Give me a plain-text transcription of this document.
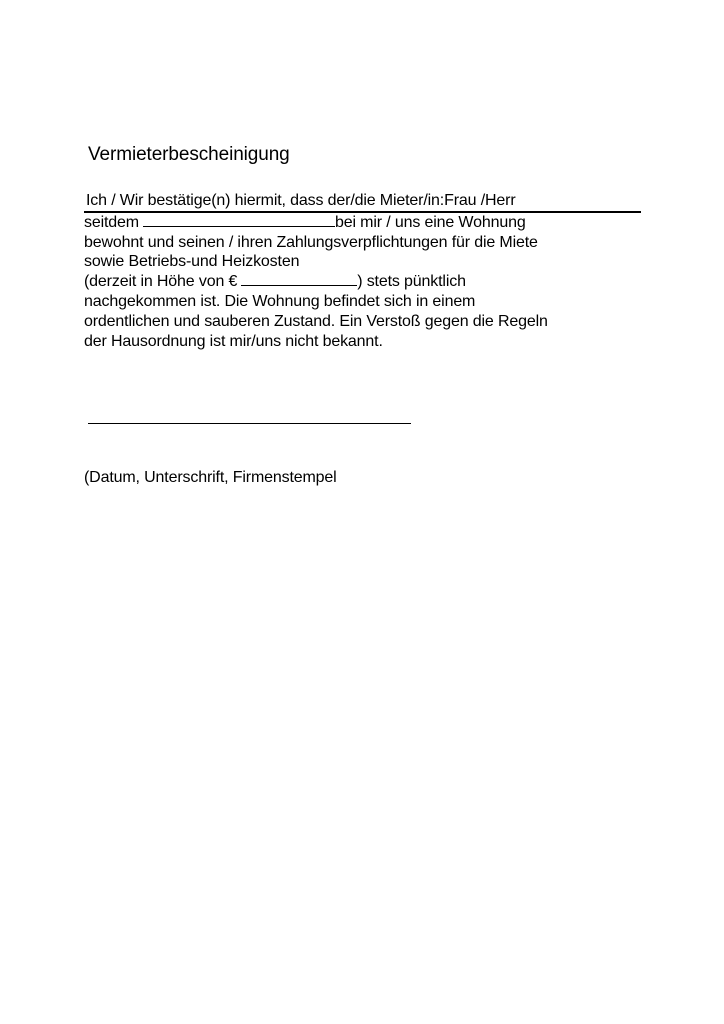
Vermieterbescheinigung
Ich / Wir bestätige(n) hiermit, dass der/die Mieter/in:Frau /Herr
seitdem	bei mir / uns eine Wohnung
bewohnt und seinen / ihren Zahlungsverpflichtungen für die Miete
sowie Betriebs-und Heizkosten
(derzeit in Höhe von €	) stets pünktlich
nachgekommen ist. Die Wohnung befindet sich in einem
ordentlichen und sauberen Zustand. Ein Verstoß gegen die Regeln
der Hausordnung ist mir/uns nicht bekannt.
(Datum, Unterschrift, Firmenstempel
